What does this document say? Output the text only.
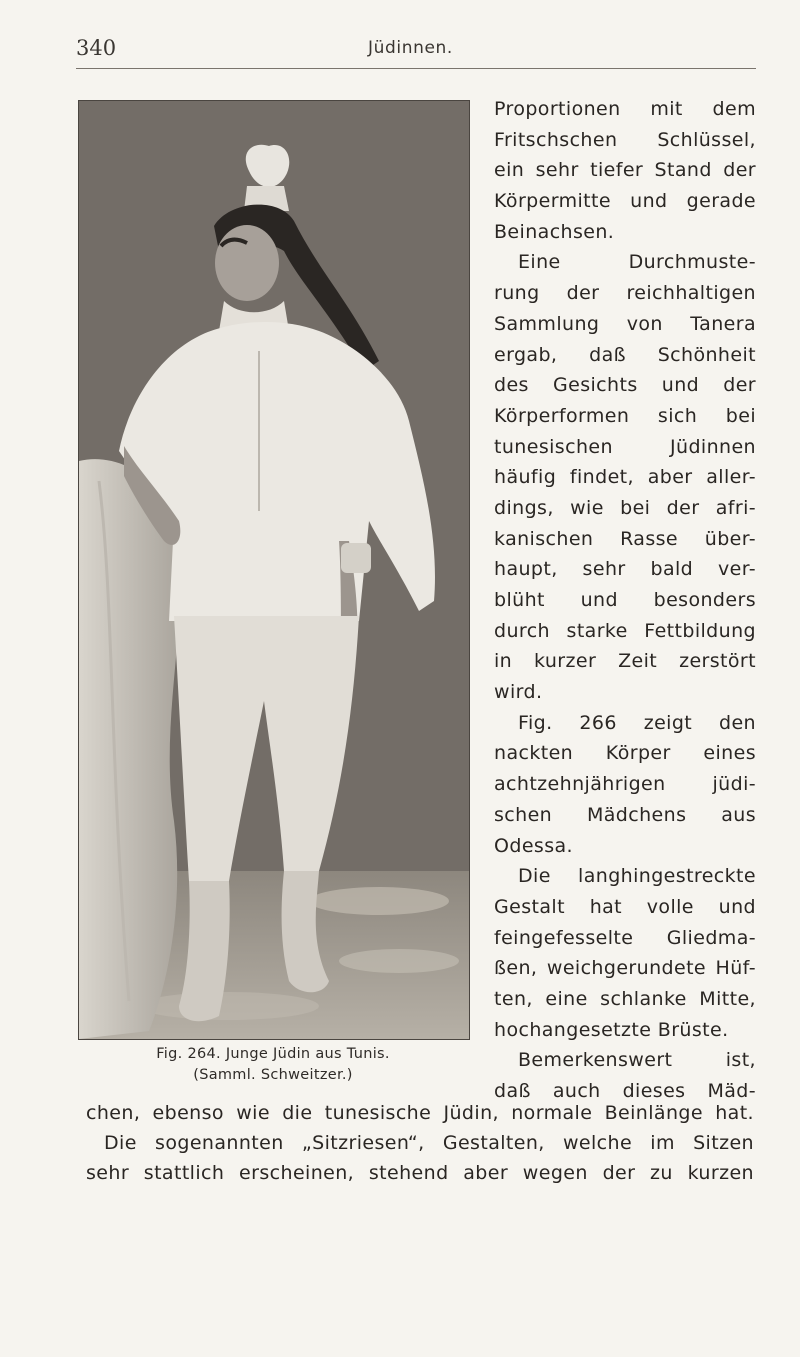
340	Jüdinnen.
Fig. 264. Junge Jüdin aus Tunis.
(Samml. Schweitzer.)
Proportionen mit dem
Fritschschen Schlüssel,
ein sehr tiefer Stand der
Körpermitte und gerade
Beinachsen.
Eine Durchmuste-
rung der reichhaltigen
Sammlung von Tanera
ergab, daß Schönheit
des Gesichts und der
Körperformen sich bei
tunesischen Jüdinnen
häufig findet, aber aller-
dings, wie bei der afri-
kanischen Rasse über-
haupt, sehr bald ver-
blüht und besonders
durch starke Fettbildung
in kurzer Zeit zerstört
wird.
Fig. 266 zeigt den
nackten Körper eines
achtzehnjährigen jüdi-
schen Mädchens aus
Odessa.
Die langhingestreckte
Gestalt hat volle und
feingefesselte Gliedma-
ßen, weichgerundete Hüf-
ten, eine schlanke Mitte,
hochangesetzte Brüste.
Bemerkenswert ist,
daß auch dieses Mäd-
chen, ebenso wie die tunesische Jüdin, normale Beinlänge hat.
Die sogenannten „Sitzriesen“, Gestalten, welche im Sitzen
sehr stattlich erscheinen, stehend aber wegen der zu kurzen
